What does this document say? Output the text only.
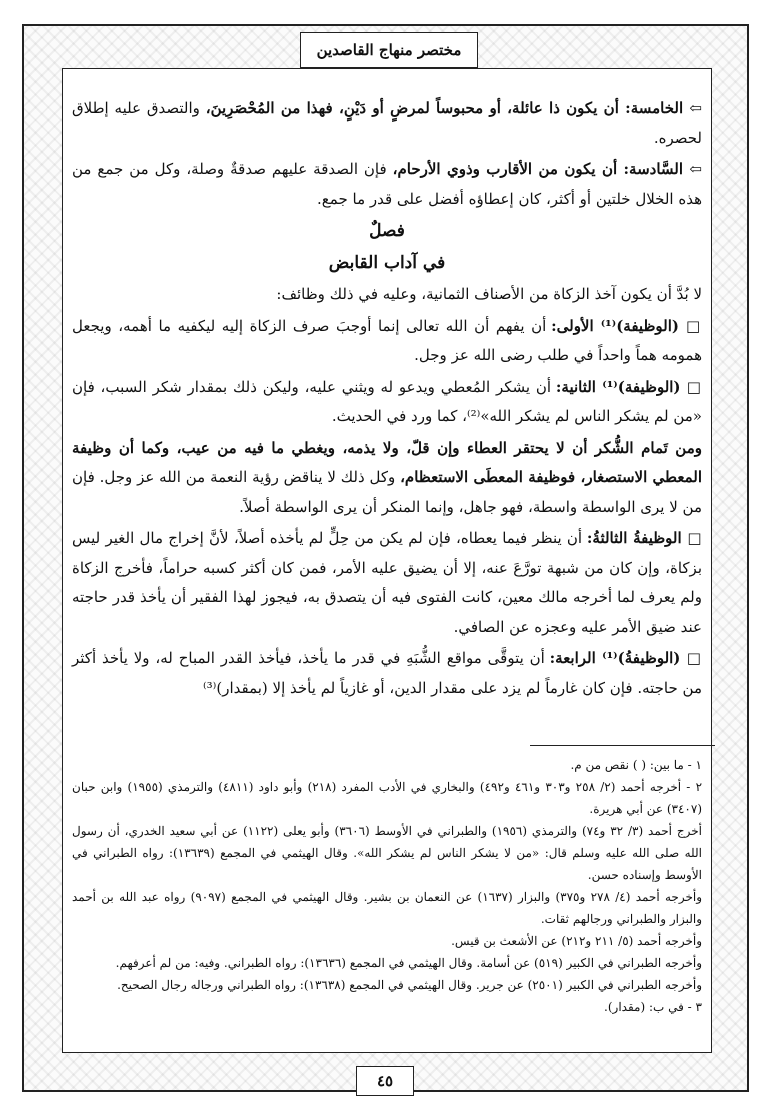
مختصر منهاج القاصدين

⇦ الخامسة: أن يكون ذا عائلة، أو محبوساً لمرضٍ أو دَيْنٍ، فهذا من المُحْصَرِينَ، والتصدق عليه إطلاق لحصره.

⇦ السَّادسة: أن يكون من الأقارب وذوي الأرحام، فإن الصدقة عليهم صدقةٌ وصلة، وكل من جمع من هذه الخلال خلتين أو أكثر، كان إعطاؤه أفضل على قدر ما جمع.

فصلٌ

في آداب القابض

لا بُدَّ أن يكون آخذ الزكاة من الأصناف الثمانية، وعليه في ذلك وظائف:

□ (الوظيفة)⁽¹⁾ الأولى: أن يفهم أن الله تعالى إنما أوجبَ صرف الزكاة إليه ليكفيه ما أهمه، ويجعل همومه هماً واحداً في طلب رضى الله عز وجل.

□ (الوظيفة)⁽¹⁾ الثانية: أن يشكر المُعطي ويدعو له ويثني عليه، وليكن ذلك بمقدار شكر السبب، فإن «من لم يشكر الناس لم يشكر الله»⁽²⁾، كما ورد في الحديث.

ومن تَمام الشُّكر أن لا يحتقر العطاء وإن قلّ، ولا يذمه، ويغطي ما فيه من عيب، وكما أن وظيفة المعطي الاستصغار، فوظيفة المعطَى الاستعظام، وكل ذلك لا يناقض رؤية النعمة من الله عز وجل. فإن من لا يرى الواسطة واسطة، فهو جاهل، وإنما المنكر أن يرى الواسطة أصلاً.

□ الوظيفةُ الثالثةُ: أن ينظر فيما يعطاه، فإن لم يكن من حِلٍّ لم يأخذه أصلاً، لأنَّ إخراج مال الغير ليس بزكاة، وإن كان من شبهة تورَّعَ عنه، إلا أن يضيق عليه الأمر، فمن كان أكثر كسبه حراماً، فأخرج الزكاة ولم يعرف لما أخرجه مالك معين، كانت الفتوى فيه أن يتصدق به، فيجوز لهذا الفقير أن يأخذ قدر حاجته عند ضيق الأمر عليه وعجزه عن الصافي.

□ (الوظيفةُ)⁽¹⁾ الرابعة: أن يتوقَّى مواقع الشُّبَهِ في قدر ما يأخذ، فيأخذ القدر المباح له، ولا يأخذ أكثر من حاجته. فإن كان غارماً لم يزد على مقدار الدين، أو غازياً لم يأخذ إلا (بمقدار)⁽³⁾

١ - ما بين: ( ) نقص من م.

٢ - أخرجه أحمد (٢/ ٢٥٨ و٣٠٣ و٤٦١ و٤٩٢) والبخاري في الأدب المفرد (٢١٨) وأبو داود (٤٨١١) والترمذي (١٩٥٥) وابن حبان (٣٤٠٧) عن أبي هريرة.

أخرج أحمد (٣/ ٣٢ و٧٤) والترمذي (١٩٥٦) والطبراني في الأوسط (٣٦٠٦) وأبو يعلى (١١٢٢) عن أبي سعيد الخدري، أن رسول الله صلى الله عليه وسلم قال: «من لا يشكر الناس لم يشكر الله». وقال الهيثمي في المجمع (١٣٦٣٩): رواه الطبراني في الأوسط وإسناده حسن.

وأخرجه أحمد (٤/ ٢٧٨ و٣٧٥) والبزار (١٦٣٧) عن النعمان بن بشير. وقال الهيثمي في المجمع (٩٠٩٧) رواه عبد الله بن أحمد والبزار والطبراني ورجالهم ثقات.

وأخرجه أحمد (٥/ ٢١١ و٢١٢) عن الأشعث بن قيس.

وأخرجه الطبراني في الكبير (٥١٩) عن أسامة. وقال الهيثمي في المجمع (١٣٦٣٦): رواه الطبراني. وفيه: من لم أعرفهم.

وأخرجه الطبراني في الكبير (٢٥٠١) عن جرير. وقال الهيثمي في المجمع (١٣٦٣٨): رواه الطبراني ورجاله رجال الصحيح.

٣ - في ب: (مقدار).

٤٥
